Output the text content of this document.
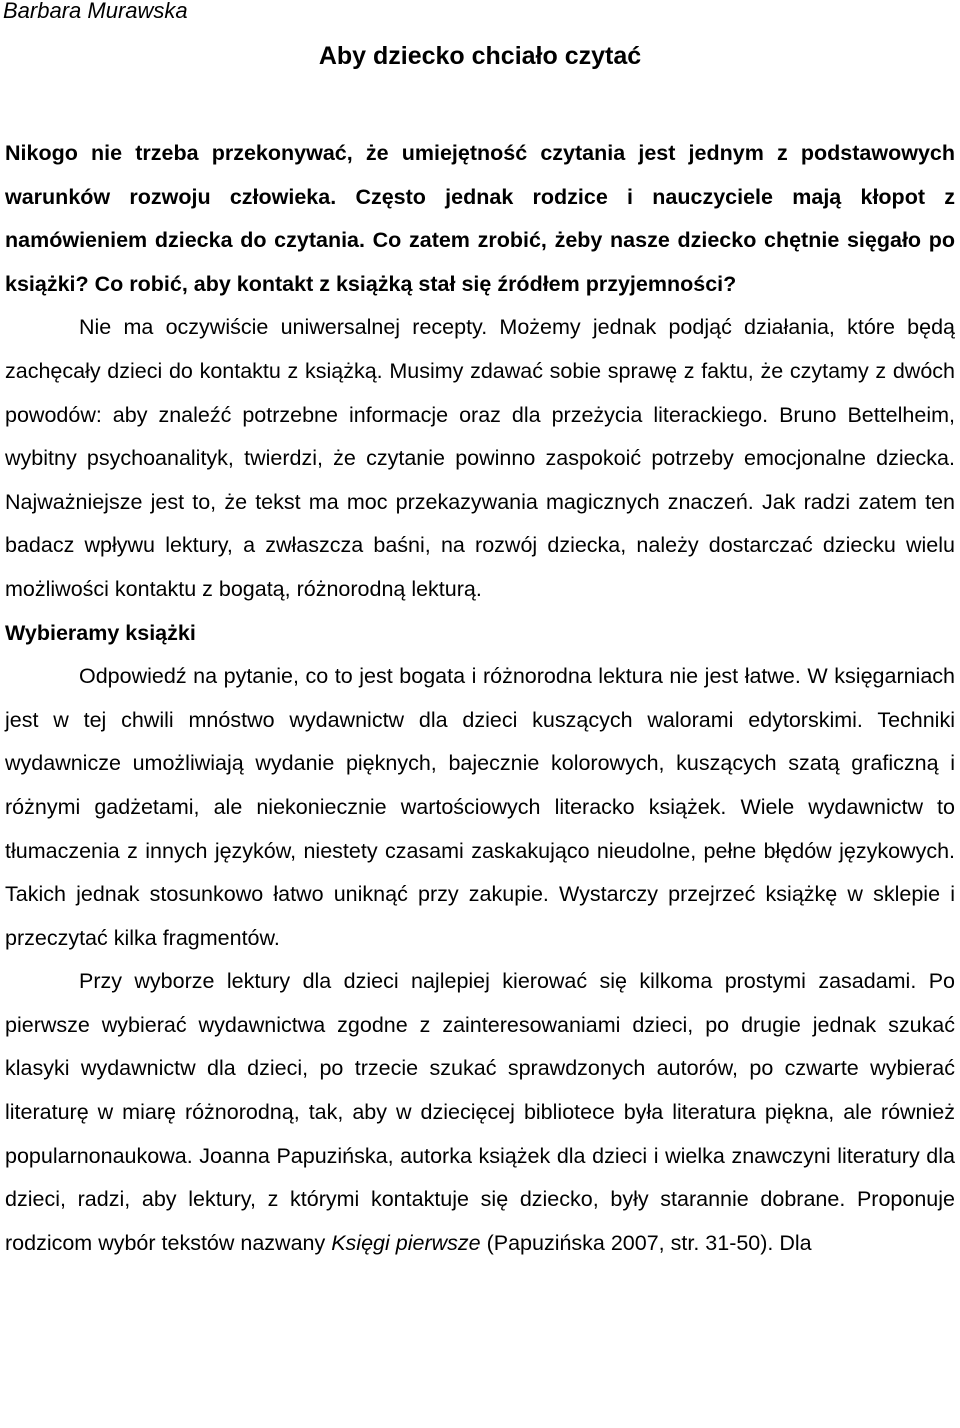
Barbara Murawska
Aby dziecko chciało czytać

Nikogo nie trzeba przekonywać, że umiejętność czytania jest jednym z podstawowych warunków rozwoju człowieka. Często jednak rodzice i nauczyciele mają kłopot z namówieniem dziecka do czytania. Co zatem zrobić, żeby nasze dziecko chętnie sięgało po książki? Co robić, aby kontakt z książką stał się źródłem przyjemności?

Nie ma oczywiście uniwersalnej recepty. Możemy jednak podjąć działania, które będą zachęcały dzieci do kontaktu z książką. Musimy zdawać sobie sprawę z faktu, że czytamy z dwóch powodów: aby znaleźć potrzebne informacje oraz dla przeżycia literackiego. Bruno Bettelheim, wybitny psychoanalityk, twierdzi, że czytanie powinno zaspokoić potrzeby emocjonalne dziecka. Najważniejsze jest to, że tekst ma moc przekazywania magicznych znaczeń. Jak radzi zatem ten badacz wpływu lektury, a zwłaszcza baśni, na rozwój dziecka, należy dostarczać dziecku wielu możliwości kontaktu z bogatą, różnorodną lekturą.

Wybieramy książki

Odpowiedź na pytanie, co to jest bogata i różnorodna lektura nie jest łatwe. W księgarniach jest w tej chwili mnóstwo wydawnictw dla dzieci kuszących walorami edytorskimi. Techniki wydawnicze umożliwiają wydanie pięknych, bajecznie kolorowych, kuszących szatą graficzną i różnymi gadżetami, ale niekoniecznie wartościowych literacko książek. Wiele wydawnictw to tłumaczenia z innych języków, niestety czasami zaskakująco nieudolne, pełne błędów językowych. Takich jednak stosunkowo łatwo uniknąć przy zakupie. Wystarczy przejrzeć książkę w sklepie i przeczytać kilka fragmentów.

Przy wyborze lektury dla dzieci najlepiej kierować się kilkoma prostymi zasadami. Po pierwsze wybierać wydawnictwa zgodne z zainteresowaniami dzieci, po drugie jednak szukać klasyki wydawnictw dla dzieci, po trzecie szukać sprawdzonych autorów, po czwarte wybierać literaturę w miarę różnorodną, tak, aby w dziecięcej bibliotece była literatura piękna, ale również popularnonaukowa. Joanna Papuzińska, autorka książek dla dzieci i wielka znawczyni literatury dla dzieci, radzi, aby lektury, z którymi kontaktuje się dziecko, były starannie dobrane. Proponuje rodzicom wybór tekstów nazwany Księgi pierwsze (Papuzińska 2007, str. 31-50). Dla
